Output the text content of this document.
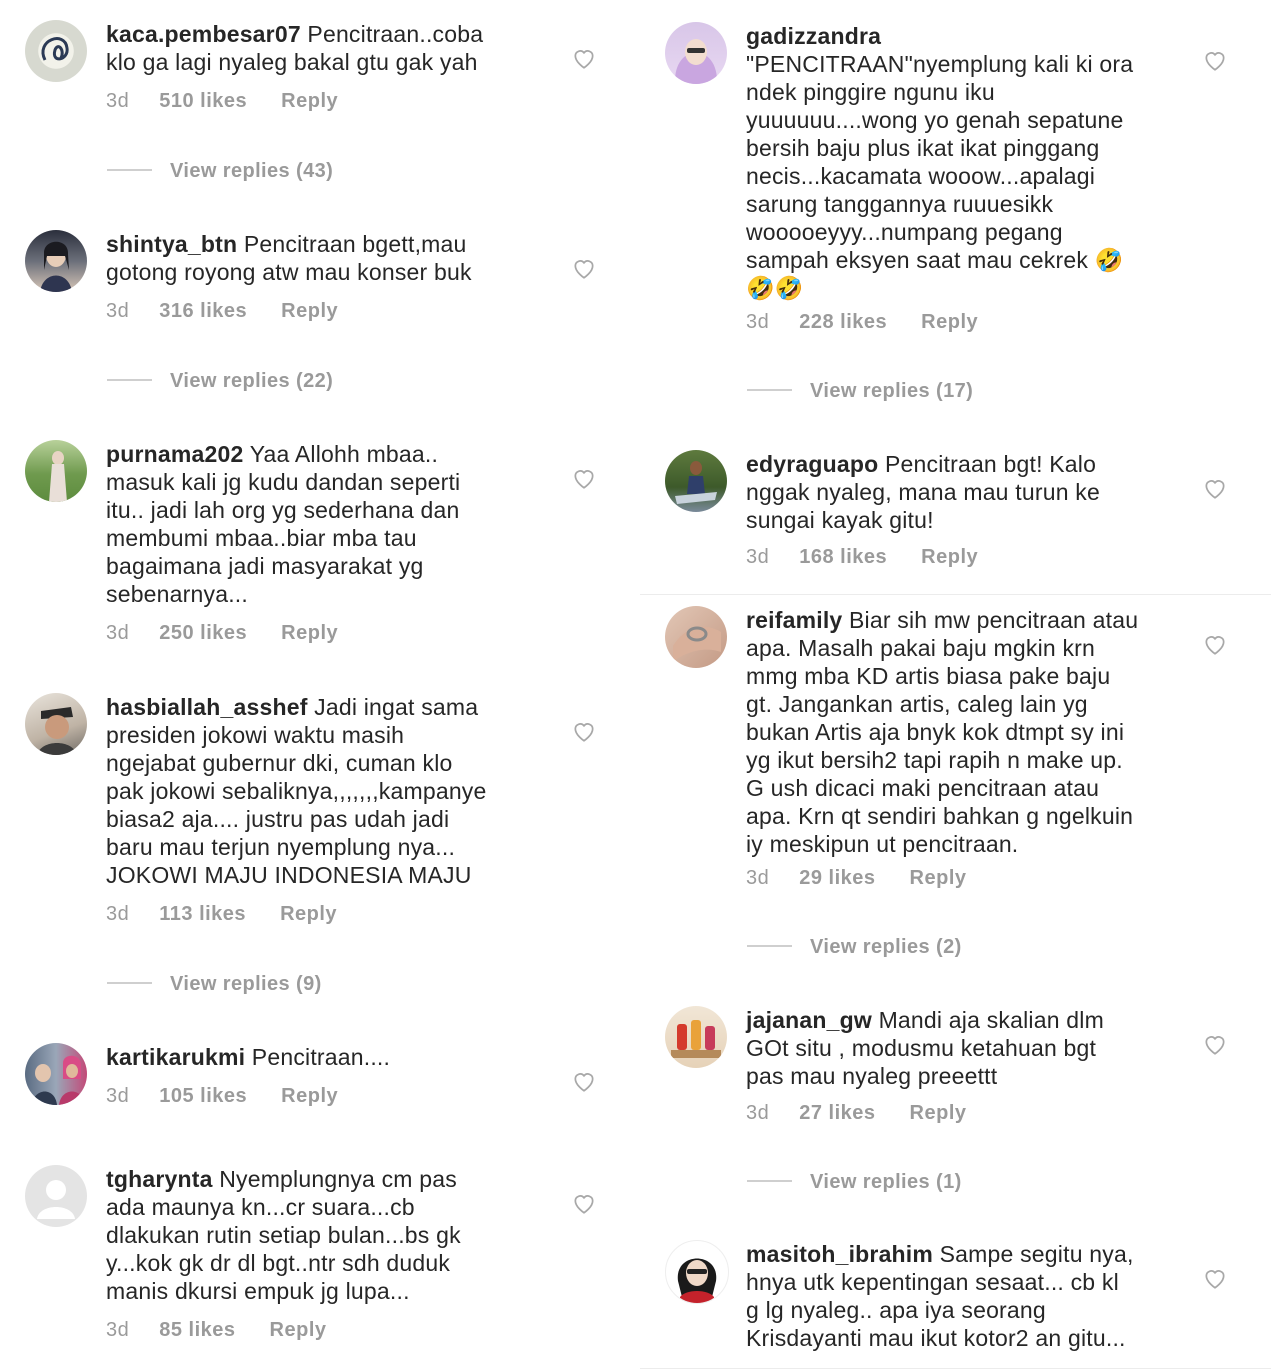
kaca.pembesar07 Pencitraan..coba
klo ga lagi nyaleg bakal gtu gak yah
3d 510 likes Reply
View replies (43)
shintya_btn Pencitraan bgett,mau
gotong royong atw mau konser buk
3d 316 likes Reply
View replies (22)
purnama202 Yaa Allohh mbaa..
masuk kali jg kudu dandan seperti
itu.. jadi lah org yg sederhana dan
membumi mbaa..biar mba tau
bagaimana jadi masyarakat yg
sebenarnya...
3d 250 likes Reply
hasbiallah_asshef Jadi ingat sama
presiden jokowi waktu masih
ngejabat gubernur dki, cuman klo
pak jokowi sebaliknya,,,,,,,kampanye
biasa2 aja.... justru pas udah jadi
baru mau terjun nyemplung nya...
JOKOWI MAJU INDONESIA MAJU
3d 113 likes Reply
View replies (9)
kartikarukmi Pencitraan....
3d 105 likes Reply
tgharynta Nyemplungnya cm pas
ada maunya kn...cr suara...cb
dlakukan rutin setiap bulan...bs gk
y...kok gk dr dl bgt..ntr sdh duduk
manis dkursi empuk jg lupa...
3d 85 likes Reply
gadizzandra
"PENCITRAAN"nyemplung kali ki ora
ndek pinggire ngunu iku
yuuuuuu....wong yo genah sepatune
bersih baju plus ikat ikat pinggang
necis...kacamata wooow...apalagi
sarung tanggannya ruuuesikk
wooooeyyy...numpang pegang
sampah eksyen saat mau cekrek 🤣
🤣🤣
3d 228 likes Reply
View replies (17)
edyraguapo Pencitraan bgt! Kalo
nggak nyaleg, mana mau turun ke
sungai kayak gitu!
3d 168 likes Reply
reifamily Biar sih mw pencitraan atau
apa. Masalh pakai baju mgkin krn
mmg mba KD artis biasa pake baju
gt. Jangankan artis, caleg lain yg
bukan Artis aja bnyk kok dtmpt sy ini
yg ikut bersih2 tapi rapih n make up.
G ush dicaci maki pencitraan atau
apa. Krn qt sendiri bahkan g ngelkuin
iy meskipun ut pencitraan.
3d 29 likes Reply
View replies (2)
jajanan_gw Mandi aja skalian dlm
GOt situ , modusmu ketahuan bgt
pas mau nyaleg preeettt
3d 27 likes Reply
View replies (1)
masitoh_ibrahim Sampe segitu nya,
hnya utk kepentingan sesaat... cb kl
g lg nyaleg.. apa iya seorang
Krisdayanti mau ikut kotor2 an gitu...
